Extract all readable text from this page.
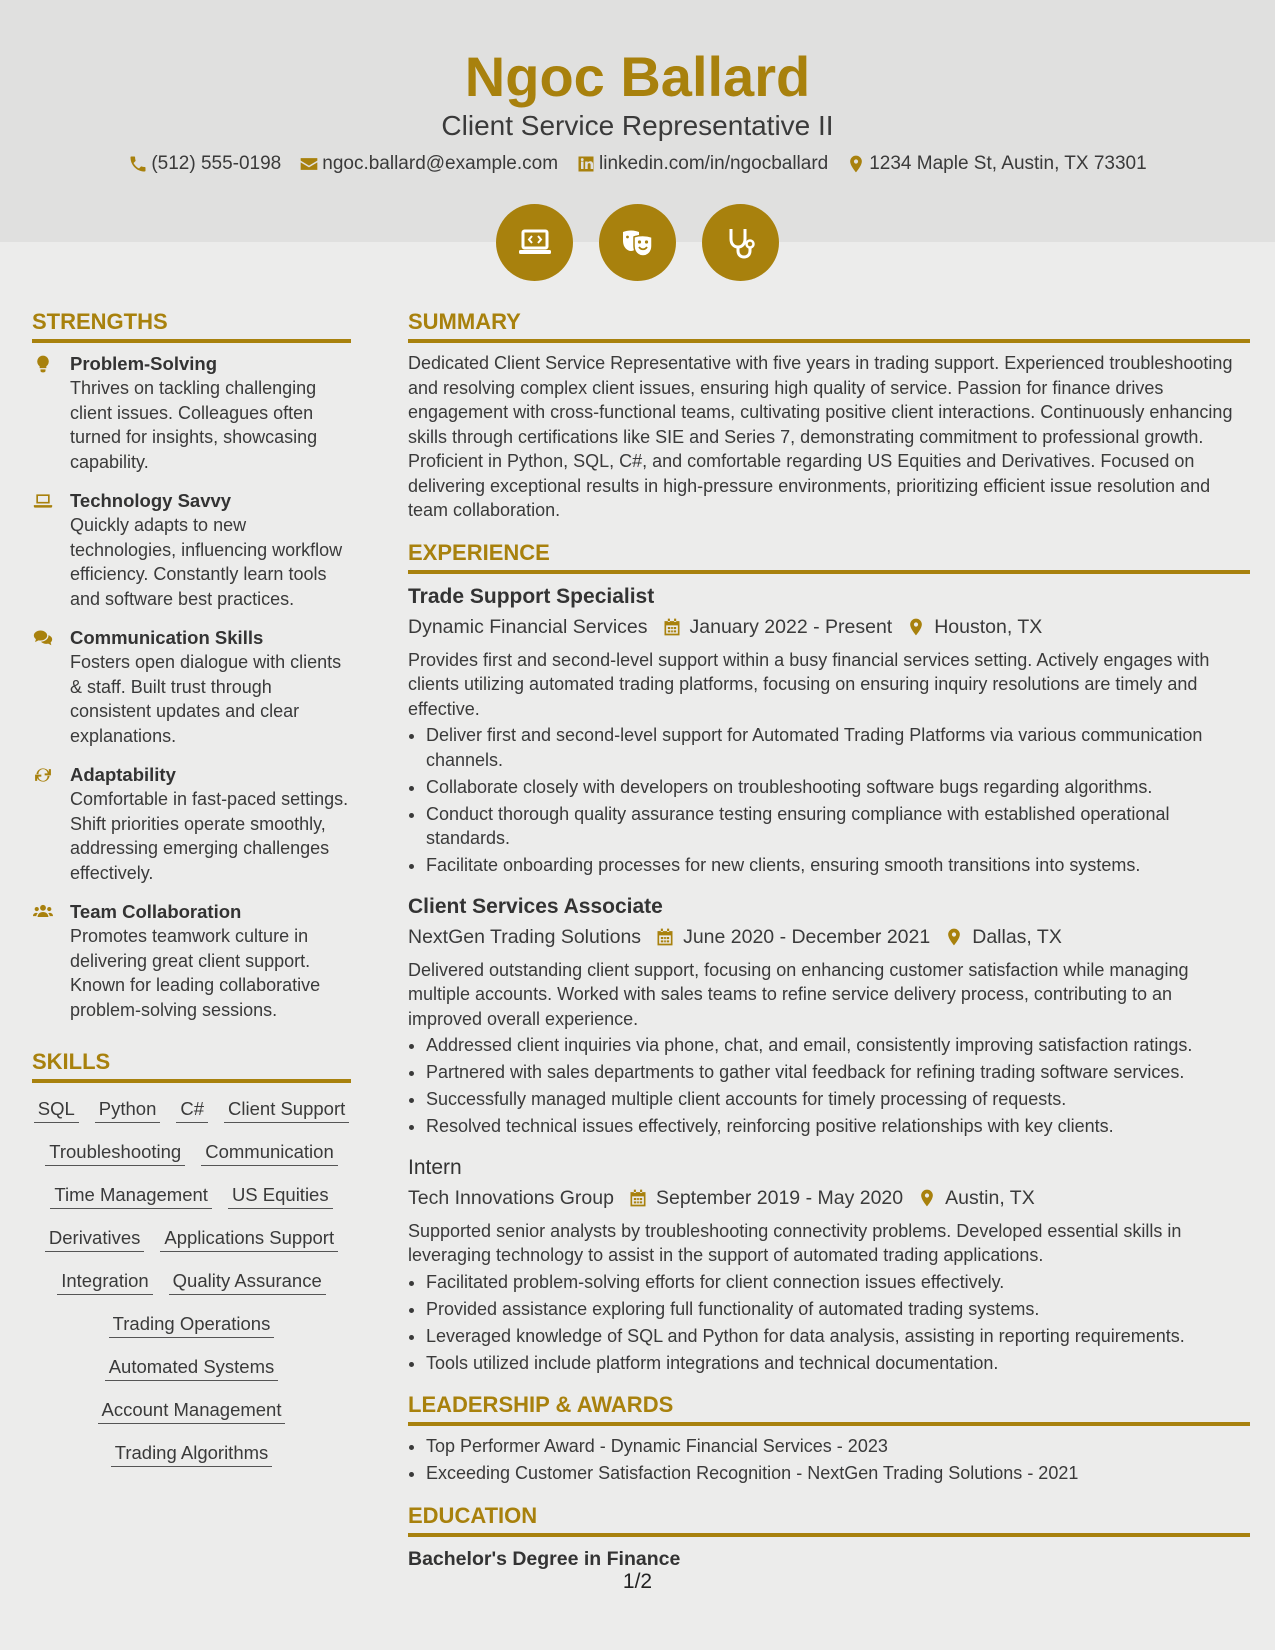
Ngoc Ballard
Client Service Representative II
(512) 555-0198 ngoc.ballard@example.com linkedin.com/in/ngocballard 1234 Maple St, Austin, TX 73301
STRENGTHS
Problem-Solving
Thrives on tackling challenging client issues. Colleagues often turned for insights, showcasing capability.
Technology Savvy
Quickly adapts to new technologies, influencing workflow efficiency. Constantly learn tools and software best practices.
Communication Skills
Fosters open dialogue with clients & staff. Built trust through consistent updates and clear explanations.
Adaptability
Comfortable in fast-paced settings. Shift priorities operate smoothly, addressing emerging challenges effectively.
Team Collaboration
Promotes teamwork culture in delivering great client support. Known for leading collaborative problem-solving sessions.
SKILLS
SQL Python C# Client Support
Troubleshooting Communication
Time Management US Equities
Derivatives Applications Support
Integration Quality Assurance
Trading Operations
Automated Systems
Account Management
Trading Algorithms
SUMMARY
Dedicated Client Service Representative with five years in trading support. Experienced troubleshooting and resolving complex client issues, ensuring high quality of service. Passion for finance drives engagement with cross-functional teams, cultivating positive client interactions. Continuously enhancing skills through certifications like SIE and Series 7, demonstrating commitment to professional growth. Proficient in Python, SQL, C#, and comfortable regarding US Equities and Derivatives. Focused on delivering exceptional results in high-pressure environments, prioritizing efficient issue resolution and team collaboration.
EXPERIENCE
Trade Support Specialist
Dynamic Financial Services January 2022 - Present Houston, TX
Provides first and second-level support within a busy financial services setting. Actively engages with clients utilizing automated trading platforms, focusing on ensuring inquiry resolutions are timely and effective.
• Deliver first and second-level support for Automated Trading Platforms via various communication channels.
• Collaborate closely with developers on troubleshooting software bugs regarding algorithms.
• Conduct thorough quality assurance testing ensuring compliance with established operational standards.
• Facilitate onboarding processes for new clients, ensuring smooth transitions into systems.
Client Services Associate
NextGen Trading Solutions June 2020 - December 2021 Dallas, TX
Delivered outstanding client support, focusing on enhancing customer satisfaction while managing multiple accounts. Worked with sales teams to refine service delivery process, contributing to an improved overall experience.
• Addressed client inquiries via phone, chat, and email, consistently improving satisfaction ratings.
• Partnered with sales departments to gather vital feedback for refining trading software services.
• Successfully managed multiple client accounts for timely processing of requests.
• Resolved technical issues effectively, reinforcing positive relationships with key clients.
Intern
Tech Innovations Group September 2019 - May 2020 Austin, TX
Supported senior analysts by troubleshooting connectivity problems. Developed essential skills in leveraging technology to assist in the support of automated trading applications.
• Facilitated problem-solving efforts for client connection issues effectively.
• Provided assistance exploring full functionality of automated trading systems.
• Leveraged knowledge of SQL and Python for data analysis, assisting in reporting requirements.
• Tools utilized include platform integrations and technical documentation.
LEADERSHIP & AWARDS
• Top Performer Award - Dynamic Financial Services - 2023
• Exceeding Customer Satisfaction Recognition - NextGen Trading Solutions - 2021
EDUCATION
Bachelor's Degree in Finance
1/2
